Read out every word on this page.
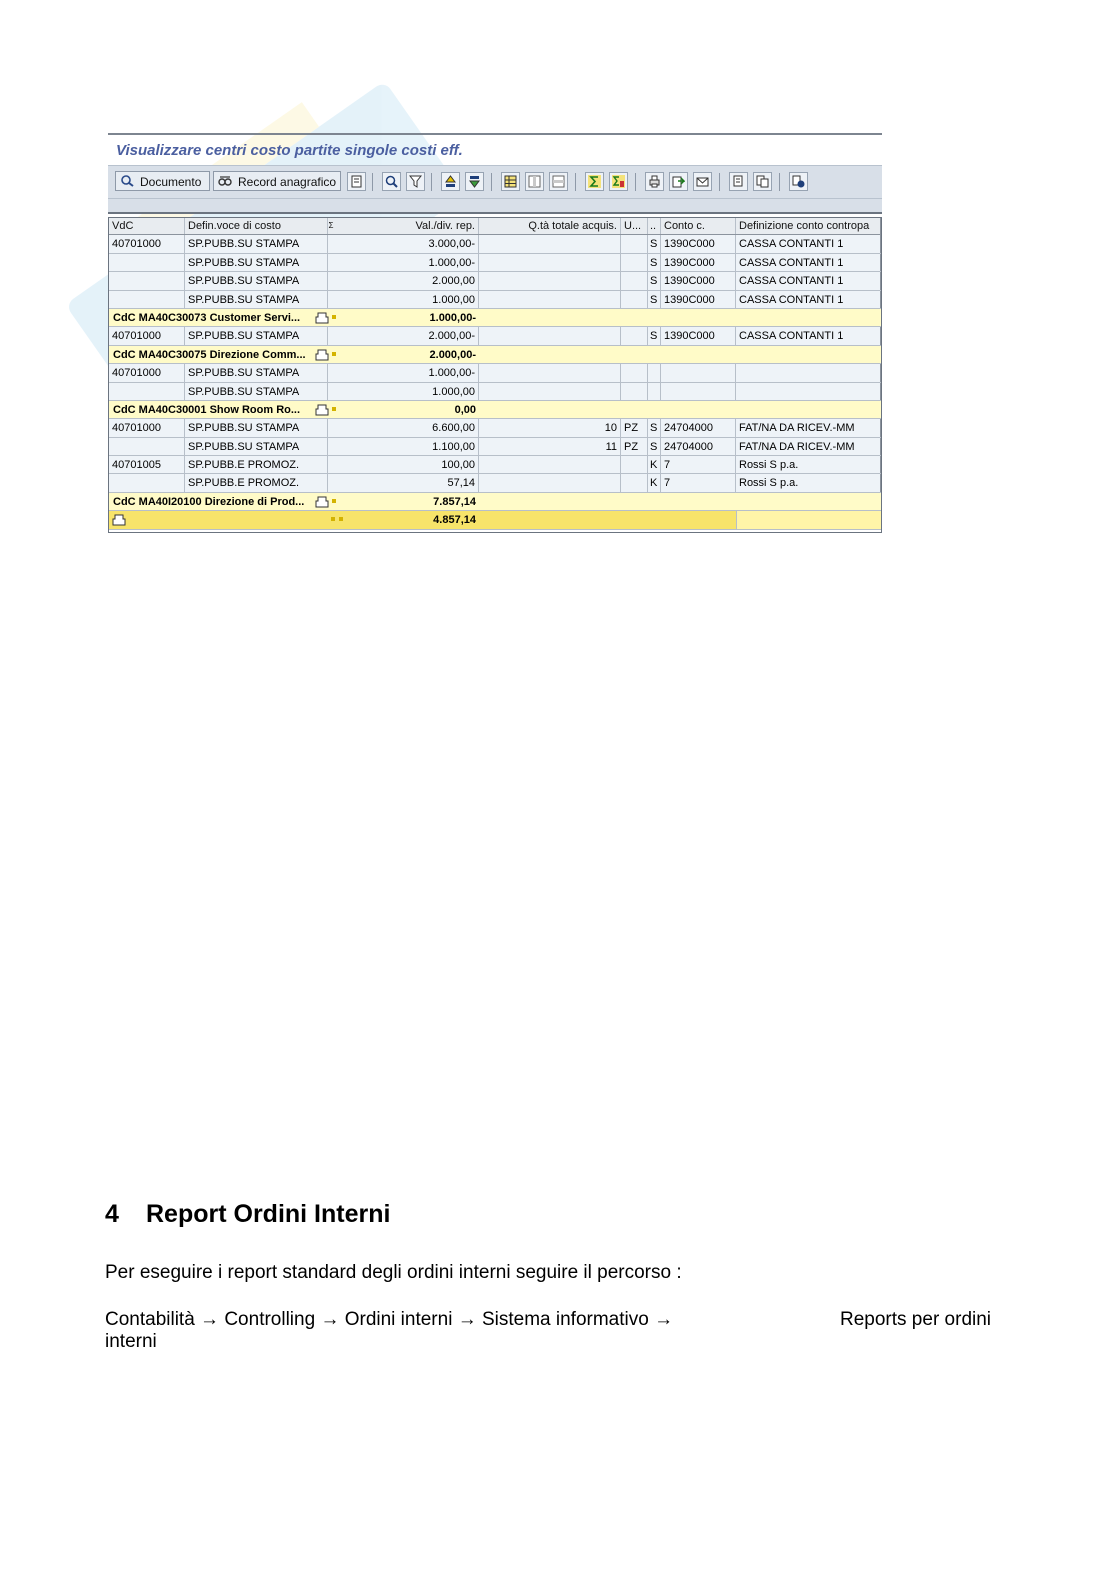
Visualizzare centri costo partite singole costi eff.
Documento	Record anagrafico
VdC	Defin.voce di costo	Σ	Val./div. rep.	Q.tà totale acquis. U... .. Conto c.	Definizione conto contropa
40701000	SP.PUBB.SU STAMPA	3.000,00-	S 1390C000	CASSA CONTANTI 1
SP.PUBB.SU STAMPA	1.000,00-	S 1390C000	CASSA CONTANTI 1
SP.PUBB.SU STAMPA	2.000,00	S 1390C000	CASSA CONTANTI 1
SP.PUBB.SU STAMPA	1.000,00	S 1390C000	CASSA CONTANTI 1
CdC MA40C30073 Customer Servi...	1.000,00-
40701000	SP.PUBB.SU STAMPA	2.000,00-	S 1390C000	CASSA CONTANTI 1
CdC MA40C30075 Direzione Comm...	2.000,00-
40701000	SP.PUBB.SU STAMPA	1.000,00-
SP.PUBB.SU STAMPA	1.000,00
CdC MA40C30001 Show Room Ro...	0,00
40701000	SP.PUBB.SU STAMPA	6.600,00	10 PZ	S 24704000	FAT/NA DA RICEV.-MM
SP.PUBB.SU STAMPA	1.100,00	11 PZ	S 24704000	FAT/NA DA RICEV.-MM
40701005	SP.PUBB.E PROMOZ.	100,00	K 7	Rossi S p.a.
SP.PUBB.E PROMOZ.	57,14	K 7	Rossi S p.a.
CdC MA40I20100 Direzione di Prod...	7.857,14
4.857,14
4 Report Ordini Interni
Per eseguire i report standard degli ordini interni seguire il percorso :
Contabilità → Controlling → Ordini interni → Sistema informativo →	Reports per ordini
interni
